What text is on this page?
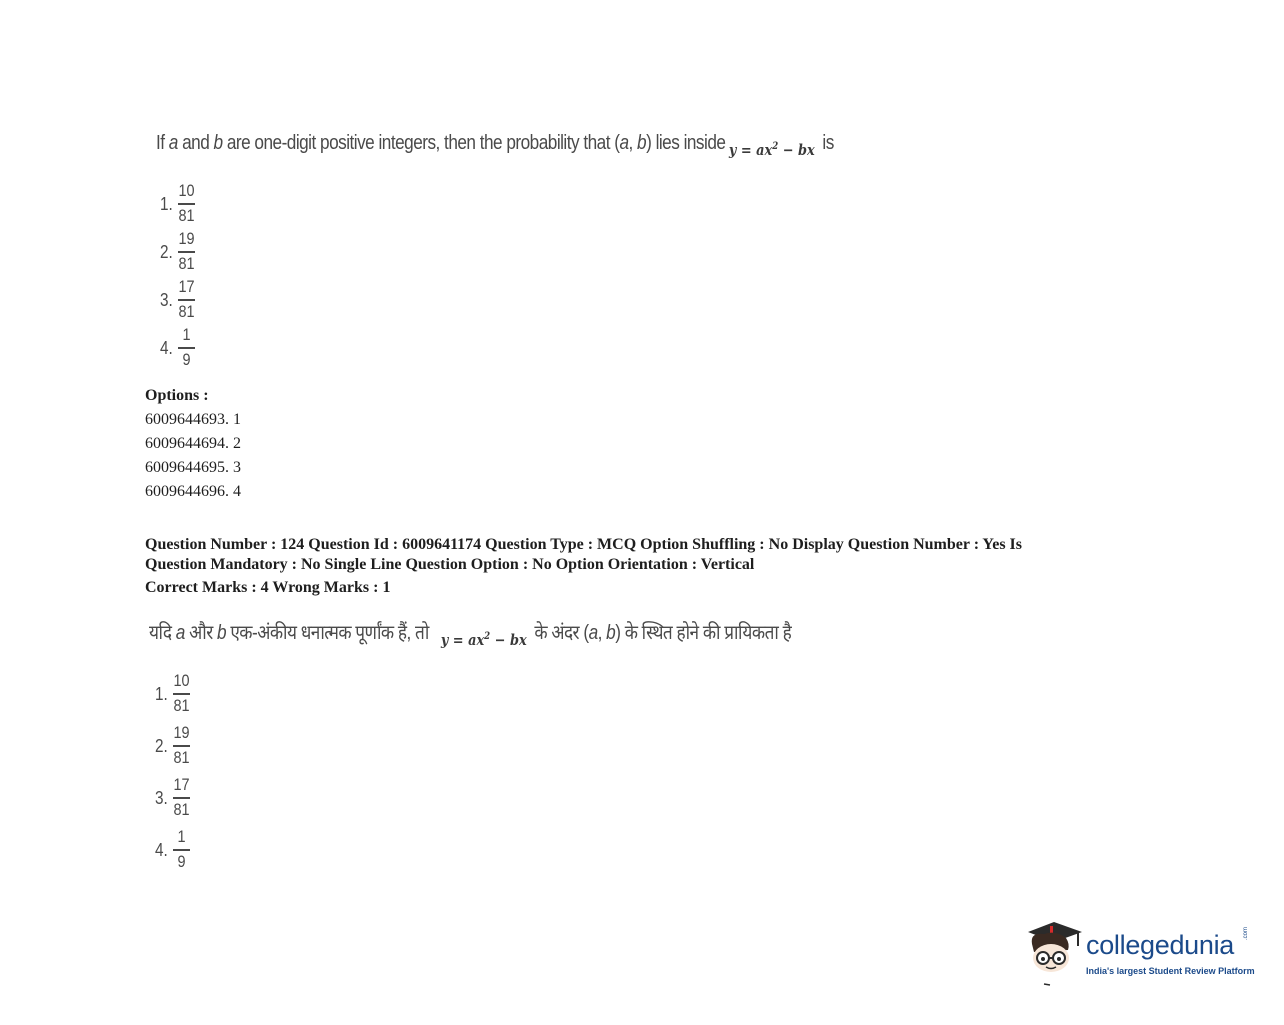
If a and b are one-digit positive integers, then the probability that (a, b) lies inside $_{y = ax^2 - bx}$ is
1.
10
81
2.
19
81
3.
17
81
4.
1
9
Options :
6009644693. 1
6009644694. 2
6009644695. 3
6009644696. 4
Question Number : 124 Question Id : 6009641174 Question Type : MCQ Option Shuffling : No Display Question Number : Yes Is
Question Mandatory : No Single Line Question Option : No Option Orientation : Vertical
Correct Marks : 4 Wrong Marks : 1
यदि a और b एक-अंकीय धनात्मक पूर्णांक हैं, तो $_{y = ax^2 - bx}$ के अंदर (a, b) के स्थित होने की प्रायिकता है
1.
10
81
2.
19
81
3.
17
81
4.
1
9
collegedunia .com
India's largest Student Review Platform
